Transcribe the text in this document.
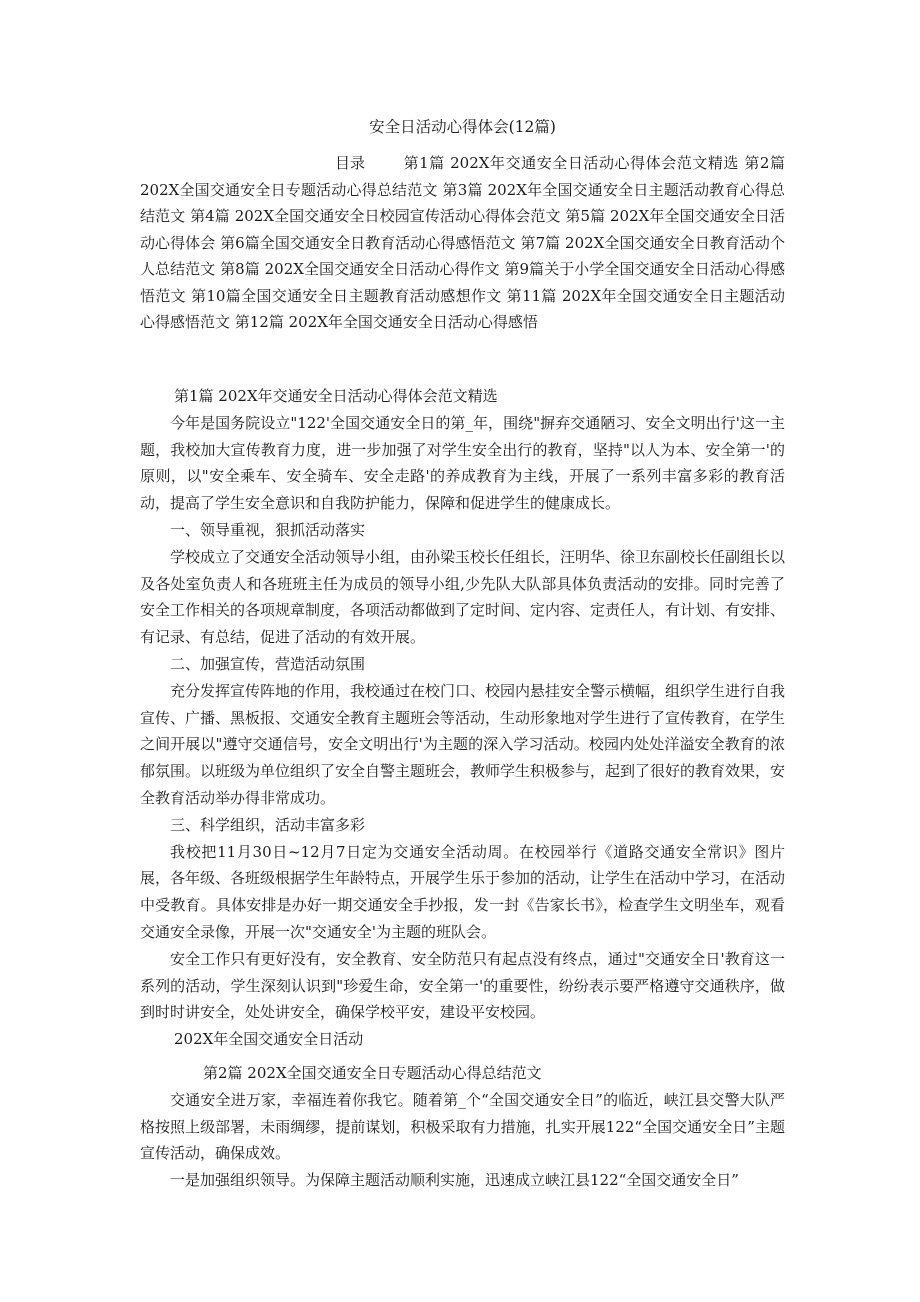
安全日活动心得体会(12篇)

目录	第1篇 202X年交通安全日活动心得体会范文精选 第2篇 202X全国交通安全日专题活动心得总结范文 第3篇 202X年全国交通安全日主题活动教育心得总结范文 第4篇 202X全国交通安全日校园宣传活动心得体会范文 第5篇 202X年全国交通安全日活动心得体会 第6篇全国交通安全日教育活动心得感悟范文 第7篇 202X全国交通安全日教育活动个人总结范文 第8篇 202X全国交通安全日活动心得作文 第9篇关于小学全国交通安全日活动心得感悟范文 第10篇全国交通安全日主题教育活动感想作文 第11篇 202X年全国交通安全日主题活动心得感悟范文 第12篇 202X年全国交通安全日活动心得感悟

第1篇 202X年交通安全日活动心得体会范文精选

今年是国务院设立"122'全国交通安全日的第_年，围绕"摒弃交通陋习、安全文明出行'这一主题，我校加大宣传教育力度，进一步加强了对学生安全出行的教育，坚持"以人为本、安全第一'的原则，以"安全乘车、安全骑车、安全走路'的养成教育为主线，开展了一系列丰富多彩的教育活动，提高了学生安全意识和自我防护能力，保障和促进学生的健康成长。

一、领导重视，狠抓活动落实

学校成立了交通安全活动领导小组，由孙梁玉校长任组长，汪明华、徐卫东副校长任副组长以及各处室负责人和各班班主任为成员的领导小组,少先队大队部具体负责活动的安排。同时完善了安全工作相关的各项规章制度，各项活动都做到了定时间、定内容、定责任人，有计划、有安排、有记录、有总结，促进了活动的有效开展。

二、加强宣传，营造活动氛围

充分发挥宣传阵地的作用，我校通过在校门口、校园内悬挂安全警示横幅，组织学生进行自我宣传、广播、黑板报、交通安全教育主题班会等活动，生动形象地对学生进行了宣传教育，在学生之间开展以"遵守交通信号，安全文明出行'为主题的深入学习活动。校园内处处洋溢安全教育的浓郁氛围。以班级为单位组织了安全自警主题班会，教师学生积极参与，起到了很好的教育效果，安全教育活动举办得非常成功。

三、科学组织，活动丰富多彩

我校把11月30日~12月7日定为交通安全活动周。在校园举行《道路交通安全常识》图片展，各年级、各班级根据学生年龄特点，开展学生乐于参加的活动，让学生在活动中学习，在活动中受教育。具体安排是办好一期交通安全手抄报，发一封《告家长书》，检查学生文明坐车，观看交通安全录像，开展一次"交通安全'为主题的班队会。

安全工作只有更好没有，安全教育、安全防范只有起点没有终点，通过"交通安全日'教育这一系列的活动，学生深刻认识到"珍爱生命，安全第一'的重要性，纷纷表示要严格遵守交通秩序，做到时时讲安全，处处讲安全，确保学校平安，建设平安校园。

202X年全国交通安全日活动

第2篇 202X全国交通安全日专题活动心得总结范文

交通安全进万家，幸福连着你我它。随着第_个“全国交通安全日”的临近，峡江县交警大队严格按照上级部署，未雨绸缪，提前谋划，积极采取有力措施，扎实开展122“全国交通安全日”主题宣传活动，确保成效。

一是加强组织领导。为保障主题活动顺利实施，迅速成立峡江县122“全国交通安全日”
